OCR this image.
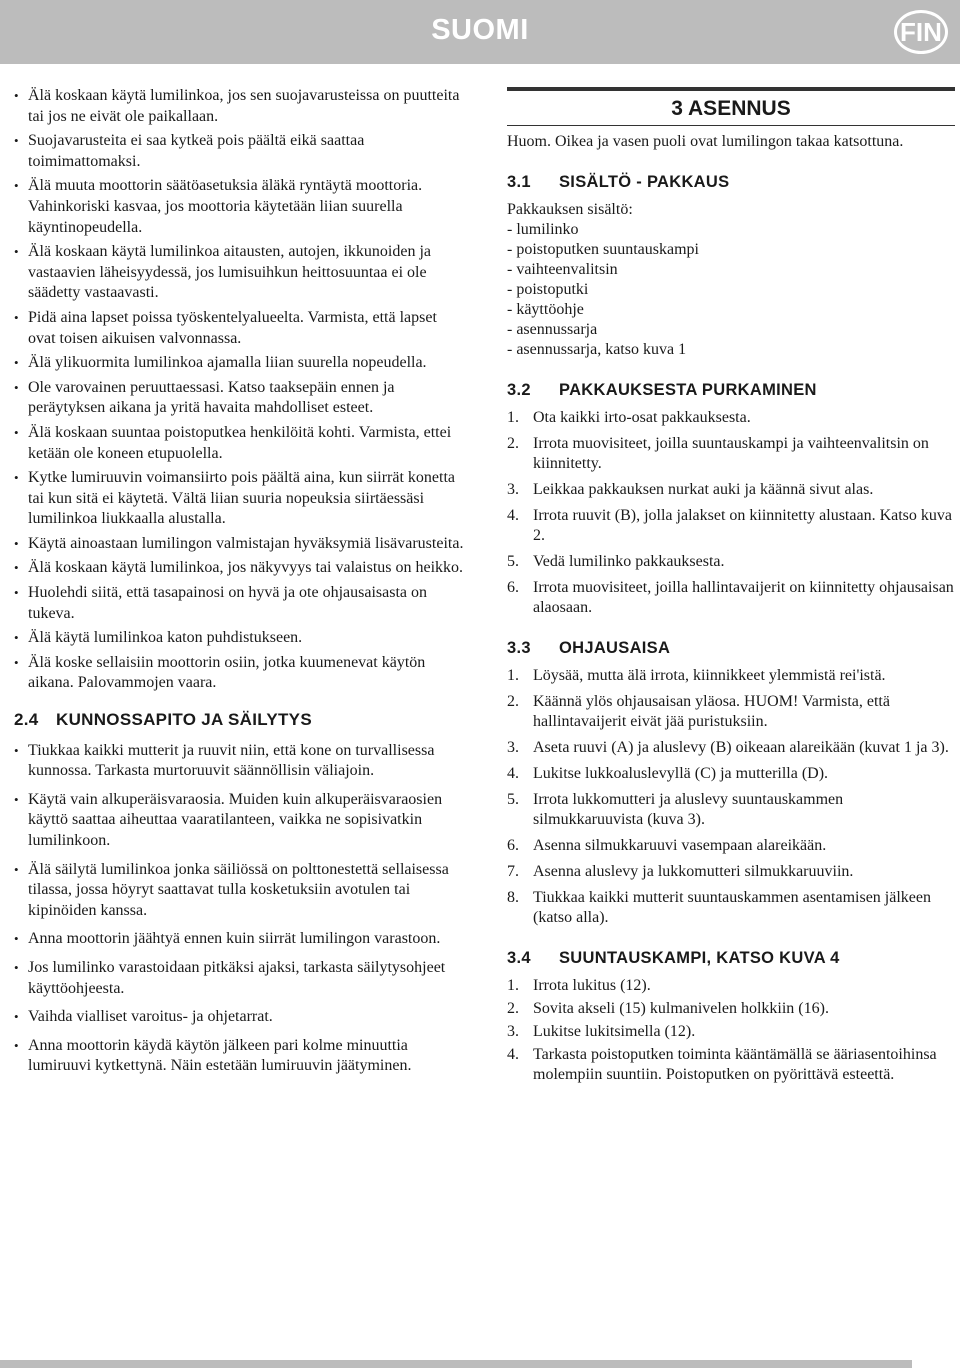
SUOMI	FIN
• Älä koskaan käytä lumilinkoa, jos sen suojavarusteissa on puutteita tai jos ne eivät ole paikallaan.
• Suojavarusteita ei saa kytkeä pois päältä eikä saattaa toimimattomaksi.
• Älä muuta moottorin säätöasetuksia äläkä ryntäytä moottoria. Vahinkoriski kasvaa, jos moottoria käytetään liian suurella käyntinopeudella.
• Älä koskaan käytä lumilinkoa aitausten, autojen, ikkunoiden ja vastaavien läheisyydessä, jos lumisuihkun heittosuuntaa ei ole säädetty vastaavasti.
• Pidä aina lapset poissa työskentelyalueelta. Varmista, että lapset ovat toisen aikuisen valvonnassa.
• Älä ylikuormita lumilinkoa ajamalla liian suurella nopeudella.
• Ole varovainen peruuttaessasi. Katso taaksepäin ennen ja peräytyksen aikana ja yritä havaita mahdolliset esteet.
• Älä koskaan suuntaa poistoputkea henkilöitä kohti. Varmista, ettei ketään ole koneen etupuolella.
• Kytke lumiruuvin voimansiirto pois päältä aina, kun siirrät konetta tai kun sitä ei käytetä. Vältä liian suuria nopeuksia siirtäessäsi lumilinkoa liukkaalla alustalla.
• Käytä ainoastaan lumilingon valmistajan hyväksymiä lisävarusteita.
• Älä koskaan käytä lumilinkoa, jos näkyvyys tai valaistus on heikko.
• Huolehdi siitä, että tasapainosi on hyvä ja ote ohjausaisasta on tukeva.
• Älä käytä lumilinkoa katon puhdistukseen.
• Älä koske sellaisiin moottorin osiin, jotka kuumenevat käytön aikana. Palovammojen vaara.
2.4 KUNNOSSAPITO JA SÄILYTYS
• Tiukkaa kaikki mutterit ja ruuvit niin, että kone on turvallisessa kunnossa. Tarkasta murtoruuvit säännöllisin väliajoin.
• Käytä vain alkuperäisvaraosia. Muiden kuin alkuperäisvaraosien käyttö saattaa aiheuttaa vaaratilanteen, vaikka ne sopisivatkin lumilinkoon.
• Älä säilytä lumilinkoa jonka säiliössä on polttonestettä sellaisessa tilassa, jossa höyryt saattavat tulla kosketuksiin avotulen tai kipinöiden kanssa.
• Anna moottorin jäähtyä ennen kuin siirrät lumilingon varastoon.
• Jos lumilinko varastoidaan pitkäksi ajaksi, tarkasta säilytysohjeet käyttöohjeesta.
• Vaihda vialliset varoitus- ja ohjetarrat.
• Anna moottorin käydä käytön jälkeen pari kolme minuuttia lumiruuvi kytkettynä. Näin estetään lumiruuvin jäätyminen.
3 ASENNUS

Huom. Oikea ja vasen puoli ovat lumilingon takaa katsottuna.

3.1 SISÄLTÖ - PAKKAUS

Pakkauksen sisältö:

- lumilinko

- poistoputken suuntauskampi

- vaihteenvalitsin

- poistoputki

- käyttöohje

- asennussarja

- asennussarja, katso kuva 1

3.2 PAKKAUKSESTA PURKAMINEN
1. Ota kaikki irto-osat pakkauksesta.
2. Irrota muovisiteet, joilla suuntauskampi ja vaihteenvalitsin on kiinnitetty.
3. Leikkaa pakkauksen nurkat auki ja käännä sivut alas.
4. Irrota ruuvit (B), jolla jalakset on kiinnitetty alustaan. Katso kuva 2.
5. Vedä lumilinko pakkauksesta.
6. Irrota muovisiteet, joilla hallintavaijerit on kiinnitetty ohjausaisan alaosaan.
3.3 OHJAUSAISA
1. Löysää, mutta älä irrota, kiinnikkeet ylemmistä rei'istä.
2. Käännä ylös ohjausaisan yläosa. HUOM! Varmista, että hallintavaijerit eivät jää puristuksiin.
3. Aseta ruuvi (A) ja aluslevy (B) oikeaan alareikään (kuvat 1 ja 3).
4. Lukitse lukkoaluslevyllä (C) ja mutterilla (D).
5. Irrota lukkomutteri ja aluslevy suuntauskammen silmukkaruuvista (kuva 3).
6. Asenna silmukkaruuvi vasempaan alareikään.
7. Asenna aluslevy ja lukkomutteri silmukkaruuviin.
8. Tiukkaa kaikki mutterit suuntauskammen asentamisen jälkeen (katso alla).
3.4 SUUNTAUSKAMPI, KATSO KUVA 4
1. Irrota lukitus (12).
2. Sovita akseli (15) kulmanivelen holkkiin (16).
3. Lukitse lukitsimella (12).
4. Tarkasta poistoputken toiminta kääntämällä se ääriasentoihinsa molempiin suuntiin. Poistoputken on pyörittävä esteettä.
